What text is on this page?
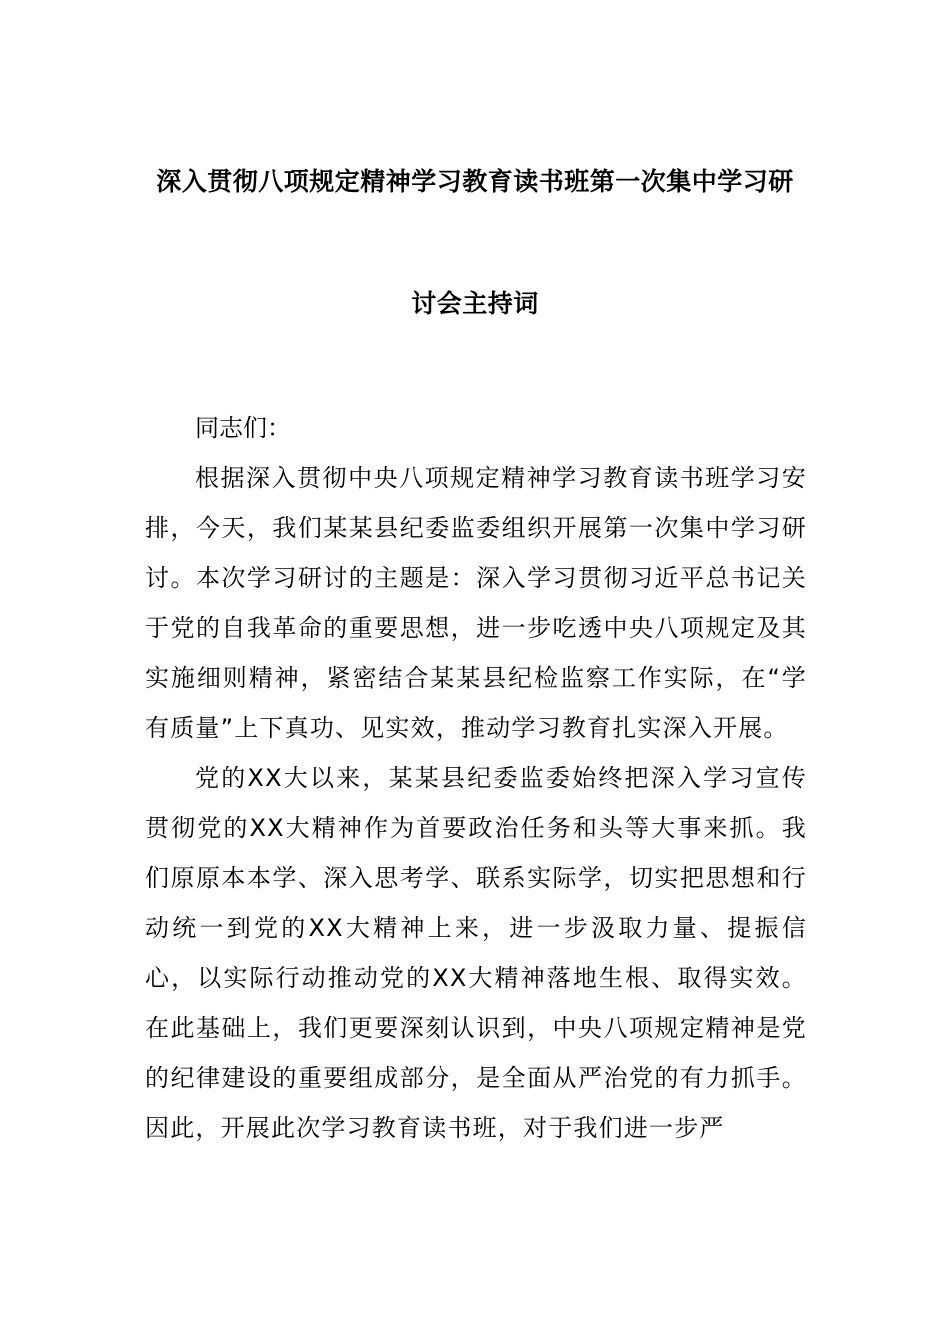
深入贯彻八项规定精神学习教育读书班第一次集中学习研
讨会主持词

同志们：

根据深入贯彻中央八项规定精神学习教育读书班学习安排，今天，我们某某县纪委监委组织开展第一次集中学习研讨。本次学习研讨的主题是：深入学习贯彻习近平总书记关于党的自我革命的重要思想，进一步吃透中央八项规定及其实施细则精神，紧密结合某某县纪检监察工作实际，在“学有质量”上下真功、见实效，推动学习教育扎实深入开展。

党的XX大以来，某某县纪委监委始终把深入学习宣传贯彻党的XX大精神作为首要政治任务和头等大事来抓。我们原原本本学、深入思考学、联系实际学，切实把思想和行动统一到党的XX大精神上来，进一步汲取力量、提振信心，以实际行动推动党的XX大精神落地生根、取得实效。在此基础上，我们更要深刻认识到，中央八项规定精神是党的纪律建设的重要组成部分，是全面从严治党的有力抓手。因此，开展此次学习教育读书班，对于我们进一步严
